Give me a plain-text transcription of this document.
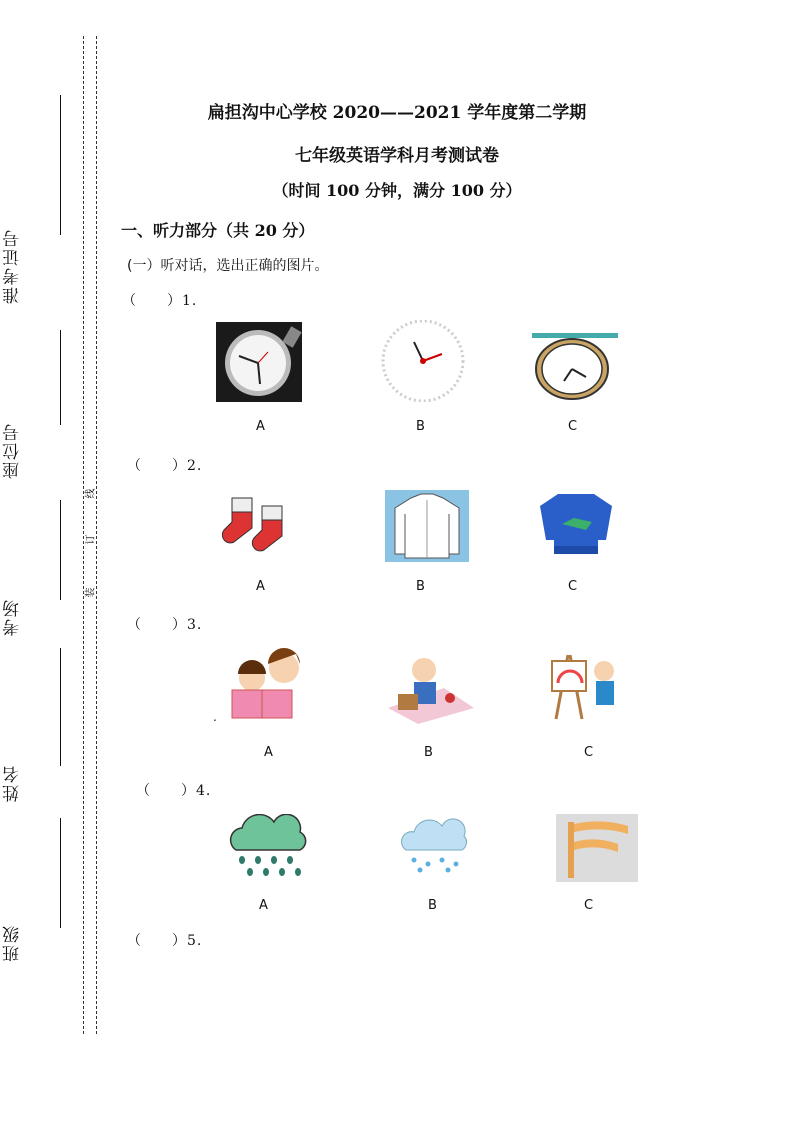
准考证号
座位号
考场
姓名
班级
装
订
线
扁担沟中心学校 2020——2021 学年度第二学期
七年级英语学科月考测试卷
（时间 100 分钟，满分 100 分）
一、听力部分（共 20 分）
(一）听对话，选出正确的图片。
（　　）1.
A	B	C
（　　）2.
A	B	C
（　　）3.
.
A	B	C
（　　）4.
A	B	C
（　　）5.
